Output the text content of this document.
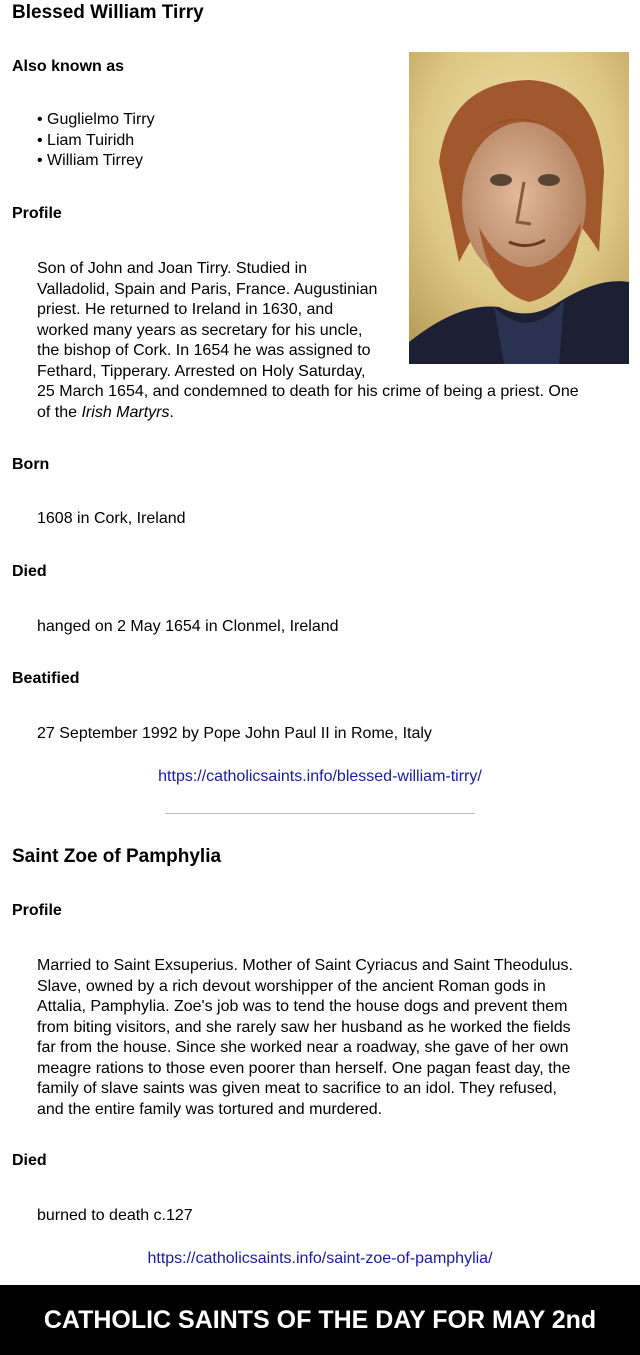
Blessed William Tirry
Also known as
• Guglielmo Tirry
• Liam Tuiridh
• William Tirrey
Profile
Son of John and Joan Tirry. Studied in
Valladolid, Spain and Paris, France. Augustinian
priest. He returned to Ireland in 1630, and
worked many years as secretary for his uncle,
the bishop of Cork. In 1654 he was assigned to
Fethard, Tipperary. Arrested on Holy Saturday,
25 March 1654, and condemned to death for his crime of being a priest. One
of the Irish Martyrs.
Born
1608 in Cork, Ireland
Died
hanged on 2 May 1654 in Clonmel, Ireland
Beatified
27 September 1992 by Pope John Paul II in Rome, Italy
https://catholicsaints.info/blessed-william-tirry/
Saint Zoe of Pamphylia
Profile
Married to Saint Exsuperius. Mother of Saint Cyriacus and Saint Theodulus.
Slave, owned by a rich devout worshipper of the ancient Roman gods in
Attalia, Pamphylia. Zoe's job was to tend the house dogs and prevent them
from biting visitors, and she rarely saw her husband as he worked the fields
far from the house. Since she worked near a roadway, she gave of her own
meagre rations to those even poorer than herself. One pagan feast day, the
family of slave saints was given meat to sacrifice to an idol. They refused,
and the entire family was tortured and murdered.
Died
burned to death c.127
https://catholicsaints.info/saint-zoe-of-pamphylia/
CATHOLIC SAINTS OF THE DAY FOR MAY 2nd
